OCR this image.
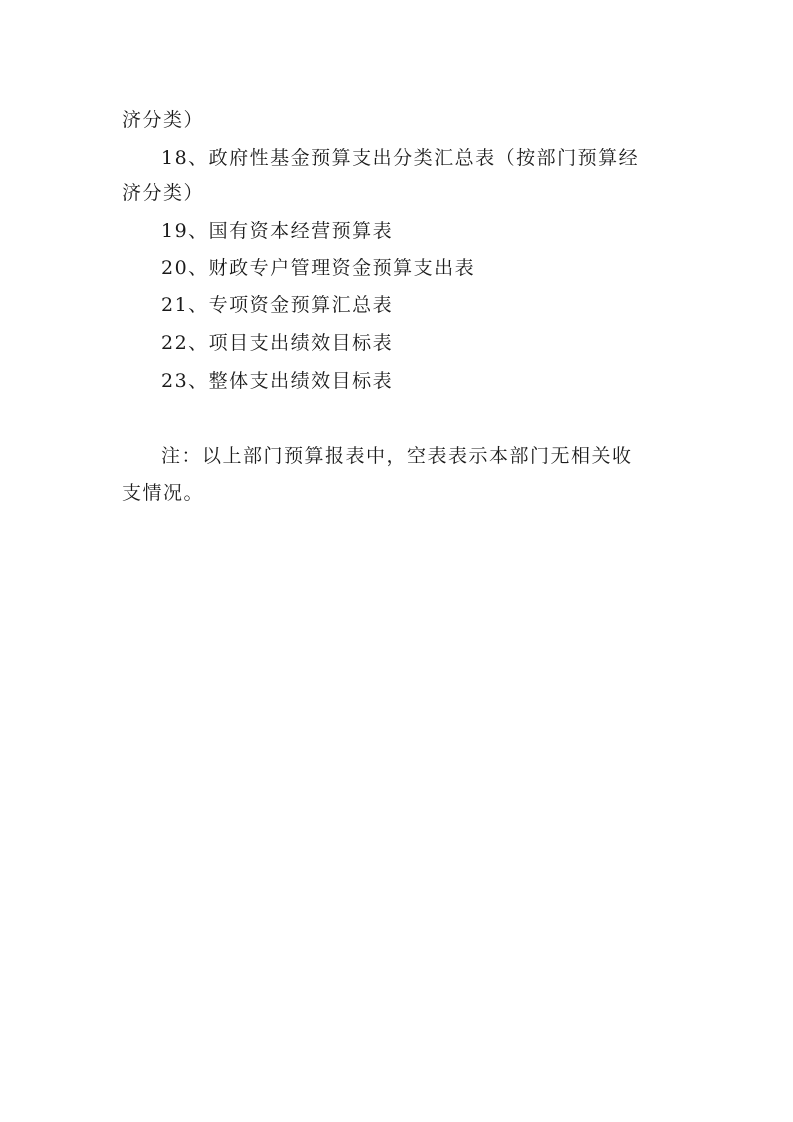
济分类）
18、政府性基金预算支出分类汇总表（按部门预算经
济分类）
19、国有资本经营预算表
20、财政专户管理资金预算支出表
21、专项资金预算汇总表
22、项目支出绩效目标表
23、整体支出绩效目标表
注：以上部门预算报表中，空表表示本部门无相关收
支情况。
